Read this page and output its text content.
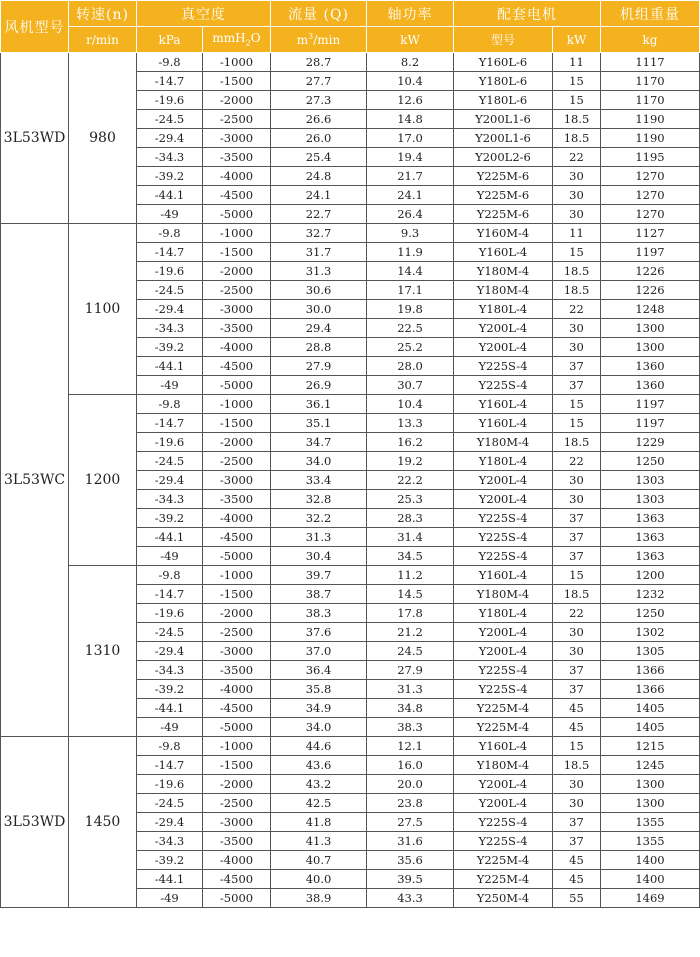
风机型号	转速(n)	真空度		流量 (Q)	轴功率	配套电机		机组重量
	r/min	kPa	mmH$_2$O	$m^3/\min$	kW	型号	kW	kg
3L53WD	980	-9.8	-1000	28.7	8.2	Y160L-6	11	1117
		-14.7	-1500	27.7	10.4	Y180L-6	15	1170
		-19.6	-2000	27.3	12.6	Y180L-6	15	1170
		-24.5	-2500	26.6	14.8	Y200L1-6	18.5	1190
		-29.4	-3000	26.0	17.0	Y200L1-6	18.5	1190
		-34.3	-3500	25.4	19.4	Y200L2-6	22	1195
		-39.2	-4000	24.8	21.7	Y225M-6	30	1270
		-44.1	-4500	24.1	24.1	Y225M-6	30	1270
		-49	-5000	22.7	26.4	Y225M-6	30	1270
3L53WC	1100	-9.8	-1000	32.7	9.3	Y160M-4	11	1127
		-14.7	-1500	31.7	11.9	Y160L-4	15	1197
		-19.6	-2000	31.3	14.4	Y180M-4	18.5	1226
		-24.5	-2500	30.6	17.1	Y180M-4	18.5	1226
		-29.4	-3000	30.0	19.8	Y180L-4	22	1248
		-34.3	-3500	29.4	22.5	Y200L-4	30	1300
		-39.2	-4000	28.8	25.2	Y200L-4	30	1300
		-44.1	-4500	27.9	28.0	Y225S-4	37	1360
		-49	-5000	26.9	30.7	Y225S-4	37	1360
	1200	-9.8	-1000	36.1	10.4	Y160L-4	15	1197
		-14.7	-1500	35.1	13.3	Y160L-4	15	1197
		-19.6	-2000	34.7	16.2	Y180M-4	18.5	1229
		-24.5	-2500	34.0	19.2	Y180L-4	22	1250
		-29.4	-3000	33.4	22.2	Y200L-4	30	1303
		-34.3	-3500	32.8	25.3	Y200L-4	30	1303
		-39.2	-4000	32.2	28.3	Y225S-4	37	1363
		-44.1	-4500	31.3	31.4	Y225S-4	37	1363
		-49	-5000	30.4	34.5	Y225S-4	37	1363
	1310	-9.8	-1000	39.7	11.2	Y160L-4	15	1200
		-14.7	-1500	38.7	14.5	Y180M-4	18.5	1232
		-19.6	-2000	38.3	17.8	Y180L-4	22	1250
		-24.5	-2500	37.6	21.2	Y200L-4	30	1302
		-29.4	-3000	37.0	24.5	Y200L-4	30	1305
		-34.3	-3500	36.4	27.9	Y225S-4	37	1366
		-39.2	-4000	35.8	31.3	Y225S-4	37	1366
		-44.1	-4500	34.9	34.8	Y225M-4	45	1405
		-49	-5000	34.0	38.3	Y225M-4	45	1405
3L53WD	1450	-9.8	-1000	44.6	12.1	Y160L-4	15	1215
		-14.7	-1500	43.6	16.0	Y180M-4	18.5	1245
		-19.6	-2000	43.2	20.0	Y200L-4	30	1300
		-24.5	-2500	42.5	23.8	Y200L-4	30	1300
		-29.4	-3000	41.8	27.5	Y225S-4	37	1355
		-34.3	-3500	41.3	31.6	Y225S-4	37	1355
		-39.2	-4000	40.7	35.6	Y225M-4	45	1400
		-44.1	-4500	40.0	39.5	Y225M-4	45	1400
		-49	-5000	38.9	43.3	Y250M-4	55	1469
